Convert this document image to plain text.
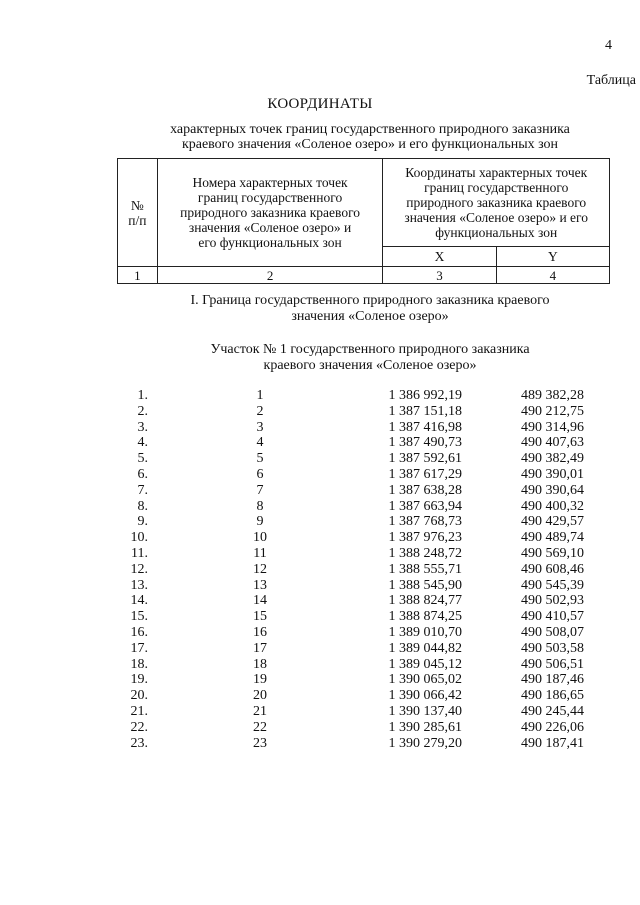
4
Таблица
КООРДИНАТЫ
характерных точек границ государственного природного заказника
краевого значения «Соленое озеро» и его функциональных зон
№
п/п	Номера характерных точек границ государственного природного заказника краевого значения «Соленое озеро» и его функциональных зон	Координаты характерных точек границ государственного природного заказника краевого значения «Соленое озеро» и его функциональных зон	
		X	Y
1	2	3	4
I. Граница государственного природного заказника краевого
значения «Соленое озеро»
Участок № 1 государственного природного заказника
краевого значения «Соленое озеро»
1.	1	1 386 992,19	489 382,28
2.	2	1 387 151,18	490 212,75
3.	3	1 387 416,98	490 314,96
4.	4	1 387 490,73	490 407,63
5.	5	1 387 592,61	490 382,49
6.	6	1 387 617,29	490 390,01
7.	7	1 387 638,28	490 390,64
8.	8	1 387 663,94	490 400,32
9.	9	1 387 768,73	490 429,57
10.	10	1 387 976,23	490 489,74
11.	11	1 388 248,72	490 569,10
12.	12	1 388 555,71	490 608,46
13.	13	1 388 545,90	490 545,39
14.	14	1 388 824,77	490 502,93
15.	15	1 388 874,25	490 410,57
16.	16	1 389 010,70	490 508,07
17.	17	1 389 044,82	490 503,58
18.	18	1 389 045,12	490 506,51
19.	19	1 390 065,02	490 187,46
20.	20	1 390 066,42	490 186,65
21.	21	1 390 137,40	490 245,44
22.	22	1 390 285,61	490 226,06
23.	23	1 390 279,20	490 187,41
